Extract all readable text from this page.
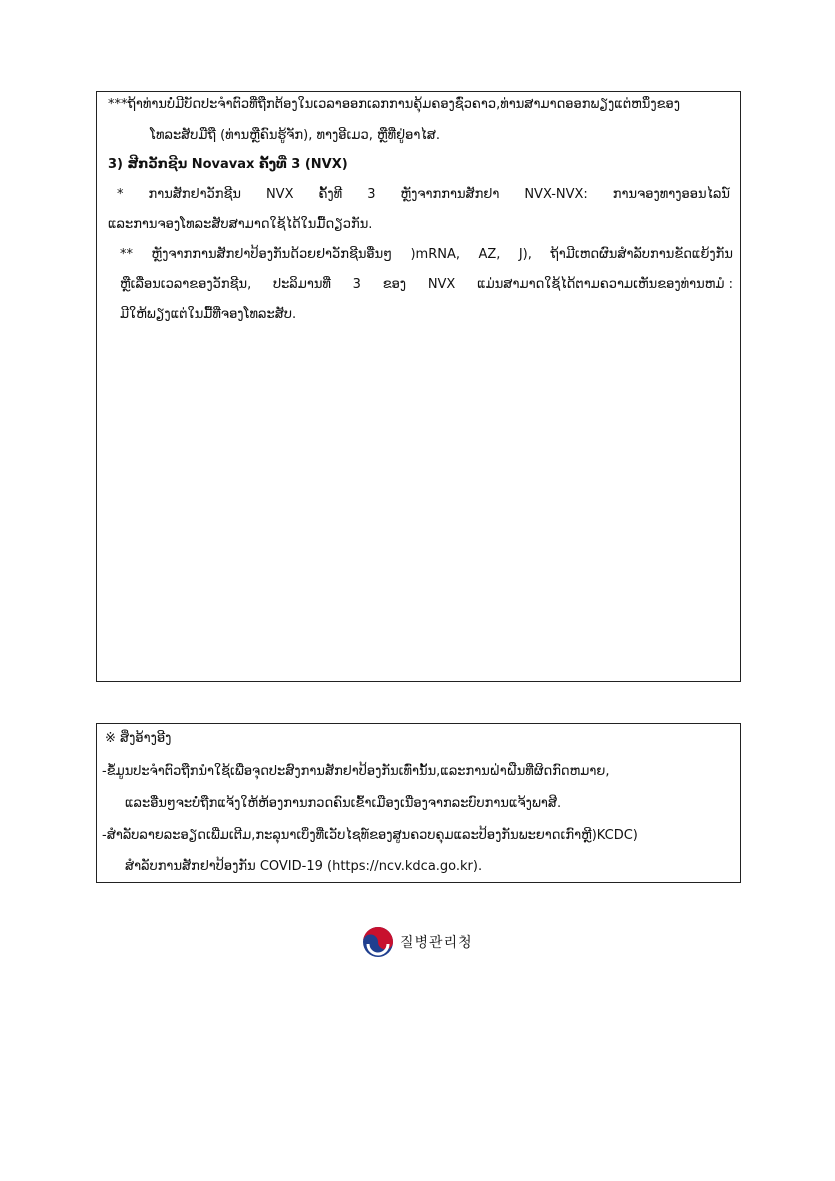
***ຖ້າທ່ານບໍ່ມີບັດປະຈຳຕົວທີ່ຖືກຕ້ອງໃນເວລາອອກເລກການຄຸ້ມຄອງຊົ່ວຄາວ,ທ່ານສາມາດອອກພຽງແຕ່ຫນຶ່ງຂອງ
ໂທລະສັບມືຖື (ທ່ານຫຼືຄົນຮູ້ຈັກ), ທາງອີເມວ, ຫຼືທີ່ຢູ່ອາໄສ.
3) ສີກວັກຊີນ Novavax ຄັ້ງທີ່ 3 (NVX)
* ການສັກຢາວັກຊີນ NVX ຄັ້ງທີ 3 ຫຼັງຈາກການສັກຢາ NVX-NVX: ການຈອງທາງອອນໄລນ໌
ແລະການຈອງໂທລະສັບສາມາດໃຊ້ໄດ້ໃນມື້ດຽວກັນ.
** ຫຼັງຈາກການສັກຢາປ້ອງກັນດ້ວຍຢາວັກຊີນອື່ນໆ )mRNA, AZ, J), ຖ້າມີເຫດຜົນສໍາລັບການຂັດແຍ້ງກັນ
ຫຼືເລື່ອນເວລາຂອງວັກຊີນ, ປະລິມານທີ່ 3 ຂອງ NVX ແມ່ນສາມາດໃຊ້ໄດ້ຕາມຄວາມເຫັນຂອງທ່ານຫມໍ :
ມີໃຫ້ພຽງແຕ່ໃນມື້ທີ່ຈອງໂທລະສັບ.
※ ສິ່ງອ້າງອີງ
-ຂໍ້ມູນປະຈໍາຕົວຖືກນໍາໃຊ້ເພື່ອຈຸດປະສົງການສັກຢາປ້ອງກັນເທົ່ານັ້ນ,ແລະການຝ່າຝືນທີ່ຜິດກົດຫມາຍ,
ແລະອື່ນໆຈະບໍ່ຖືກແຈ້ງໃຫ້ຫ້ອງການກວດຄົນເຂົ້າເມືອງເນື່ອງຈາກລະບົບການແຈ້ງພາສີ.
-ສໍາລັບລາຍລະອຽດເພີ່ມເຕີມ,ກະລຸນາເບິ່ງທີ່ເວັບໄຊທ໌ຂອງສູນຄວບຄຸມແລະປ້ອງກັນພະຍາດເກົາຫຼີ)KCDC)
ສໍາລັບການສັກຢາປ້ອງກັນ COVID-19 (https://ncv.kdca.go.kr).
질병관리청
